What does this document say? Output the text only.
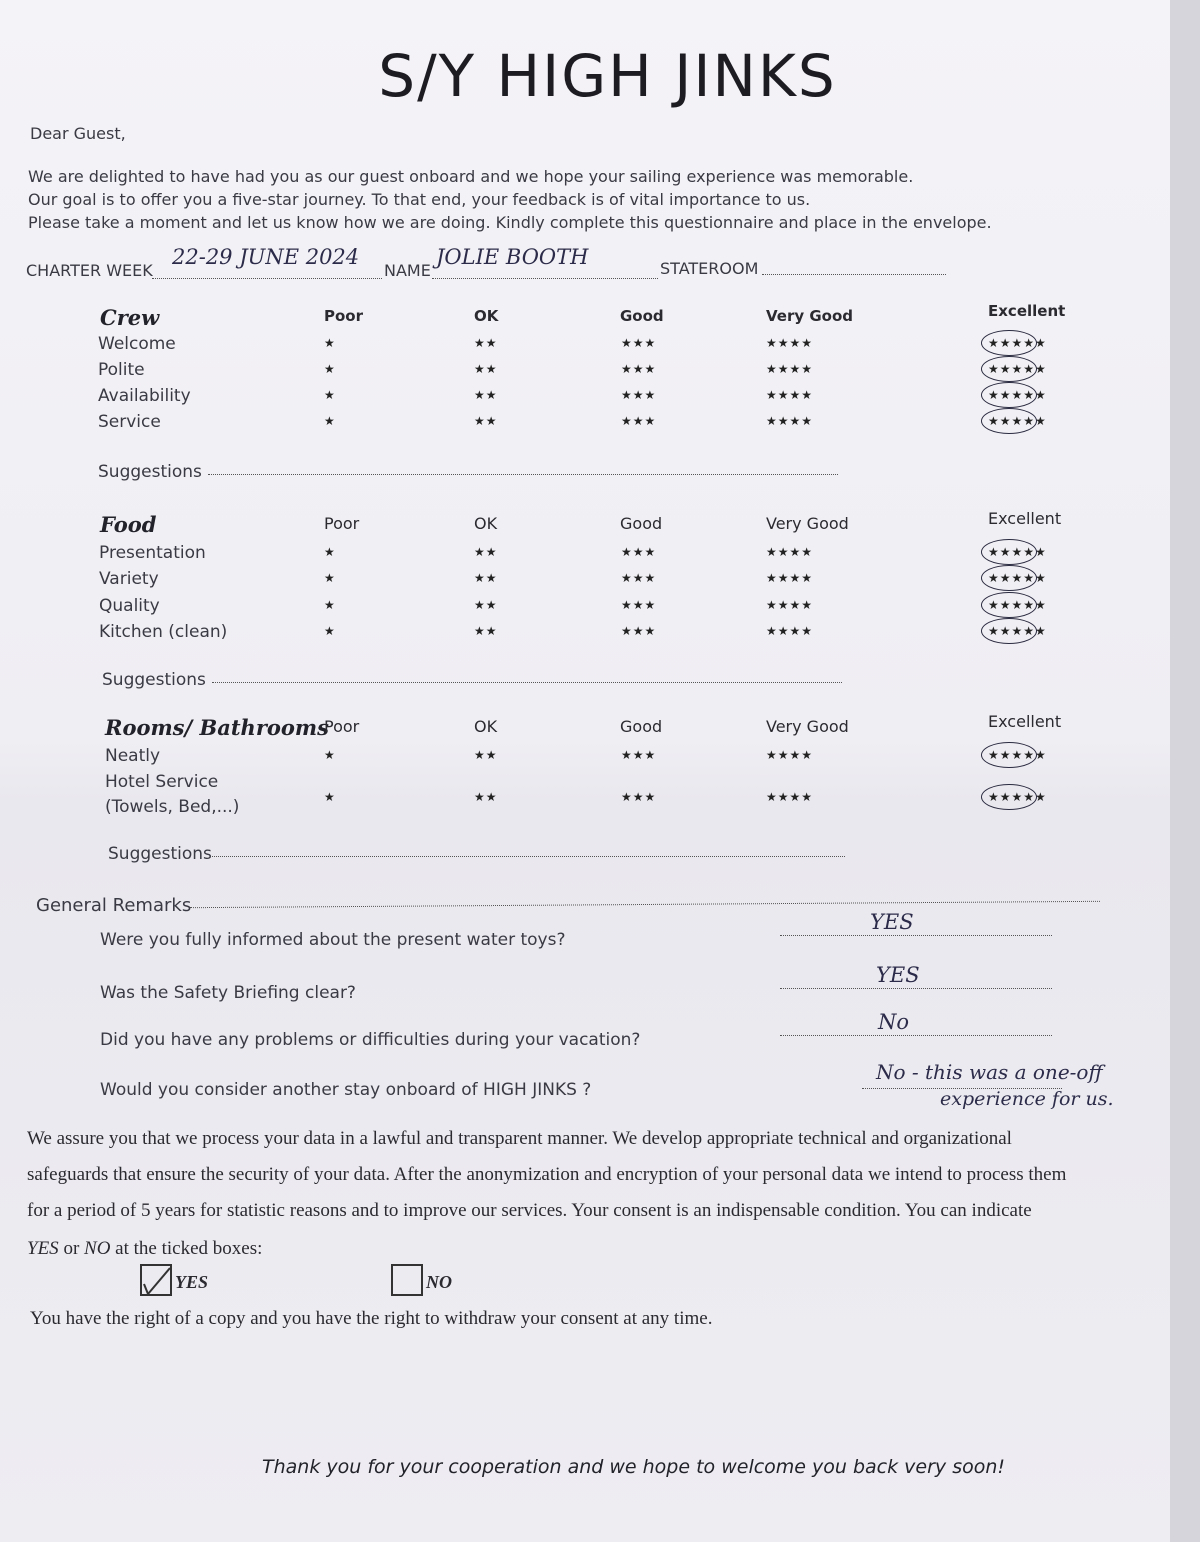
S/Y HIGH JINKS
Dear Guest,
We are delighted to have had you as our guest onboard and we hope your sailing experience was memorable.
Our goal is to offer you a five-star journey. To that end, your feedback is of vital importance to us.
Please take a moment and let us know how we are doing. Kindly complete this questionnaire and place in the envelope.
CHARTER WEEK
22-29 JUNE 2024
NAME
JOLIE BOOTH	STATEROOM
Crew	Poor	OK	Good	Very Good	Excellent
Welcome	★	★★	★★★	★★★★	★★★★★
Polite	★	★★	★★★	★★★★	★★★★★
Availability	★	★★	★★★	★★★★	★★★★★
Service	★	★★	★★★	★★★★	★★★★★
Suggestions
Food	Poor	OK	Good	Very Good	Excellent
Presentation	★	★★	★★★	★★★★	★★★★★
Variety	★	★★	★★★	★★★★	★★★★★
Quality	★	★★	★★★	★★★★	★★★★★
Kitchen (clean)	★	★★	★★★	★★★★	★★★★★
Suggestions
Rooms/ Bathrooms
Poor	OK	Good	Very Good	Excellent
Neatly	★	★★	★★★	★★★★	★★★★★
Hotel Service
(Towels, Bed,...)	★	★★	★★★	★★★★	★★★★★
Suggestions
General Remarks
Were you fully informed about the present water toys?
YES
Was the Safety Briefing clear?
YES
Did you have any problems or difficulties during your vacation?
No
Would you consider another stay onboard of HIGH JINKS ?
No - this was a one-off
experience for us.
We assure you that we process your data in a lawful and transparent manner. We develop appropriate technical and organizational
safeguards that ensure the security of your data. After the anonymization and encryption of your personal data we intend to process them
for a period of 5 years for statistic reasons and to improve our services. Your consent is an indispensable condition. You can indicate
YES or NO at the ticked boxes:
YES	NO
You have the right of a copy and you have the right to withdraw your consent at any time.
Thank you for your cooperation and we hope to welcome you back very soon!
